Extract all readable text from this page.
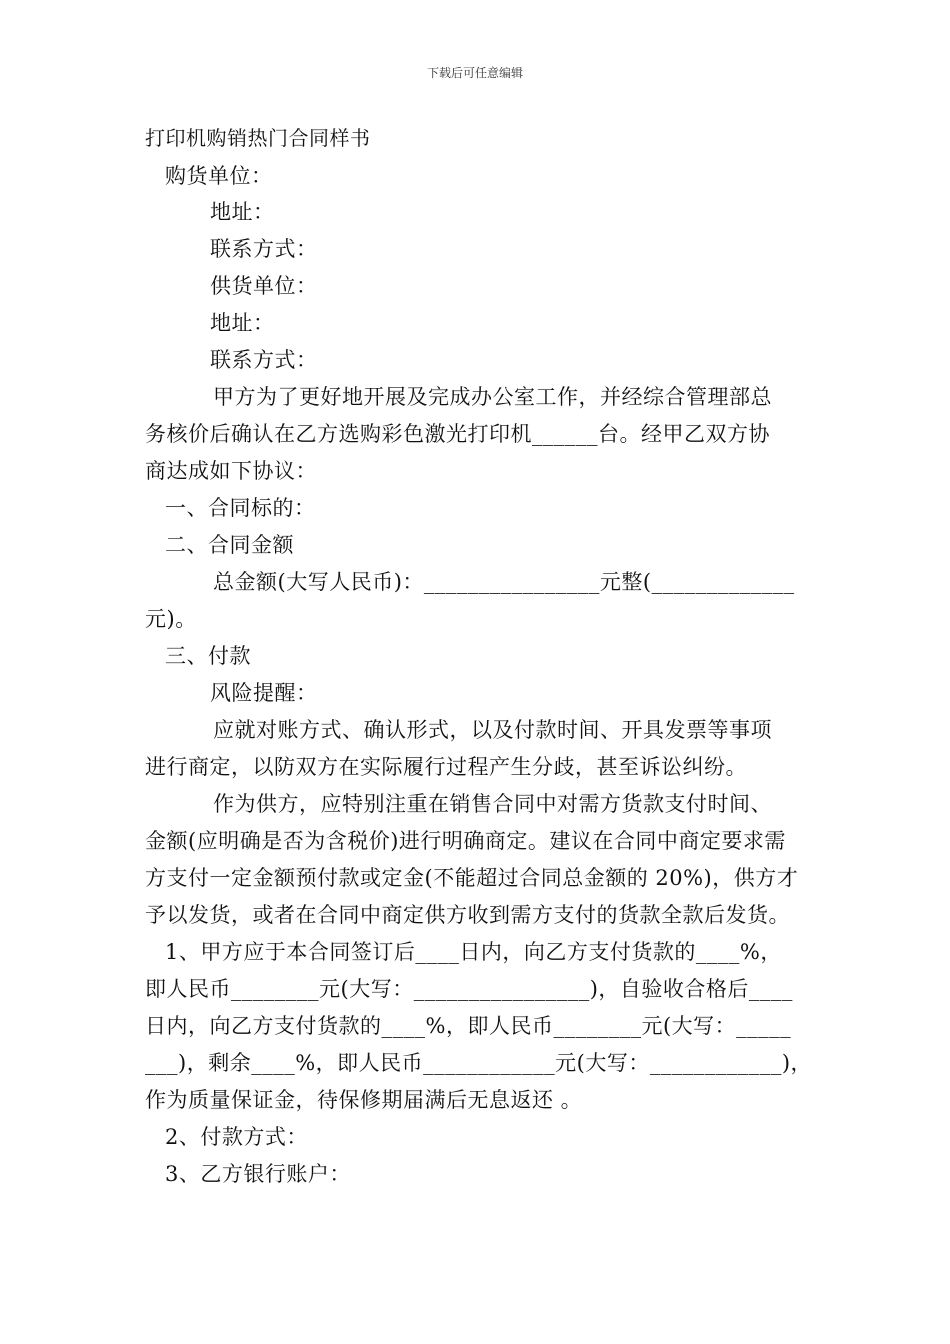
下载后可任意编辑
打印机购销热门合同样书
购货单位：
地址：
联系方式：
供货单位：
地址：
联系方式：
甲方为了更好地开展及完成办公室工作，并经综合管理部总
务核价后确认在乙方选购彩色激光打印机______台。经甲乙双方协
商达成如下协议：
一、合同标的：
二、合同金额
总金额(大写人民币)：________________元整(_____________
元)。
三、付款
风险提醒：
应就对账方式、确认形式，以及付款时间、开具发票等事项
进行商定，以防双方在实际履行过程产生分歧，甚至诉讼纠纷。
作为供方，应特别注重在销售合同中对需方货款支付时间、
金额(应明确是否为含税价)进行明确商定。建议在合同中商定要求需
方支付一定金额预付款或定金(不能超过合同总金额的 20%)，供方才
予以发货，或者在合同中商定供方收到需方支付的货款全款后发货。
1、甲方应于本合同签订后____日内，向乙方支付货款的____%，
即人民币________元(大写：________________)，自验收合格后____
日内，向乙方支付货款的____%，即人民币________元(大写：_____
___)，剩余____%，即人民币____________元(大写：____________)，
作为质量保证金，待保修期届满后无息返还 。
2、付款方式：
3、乙方银行账户：
